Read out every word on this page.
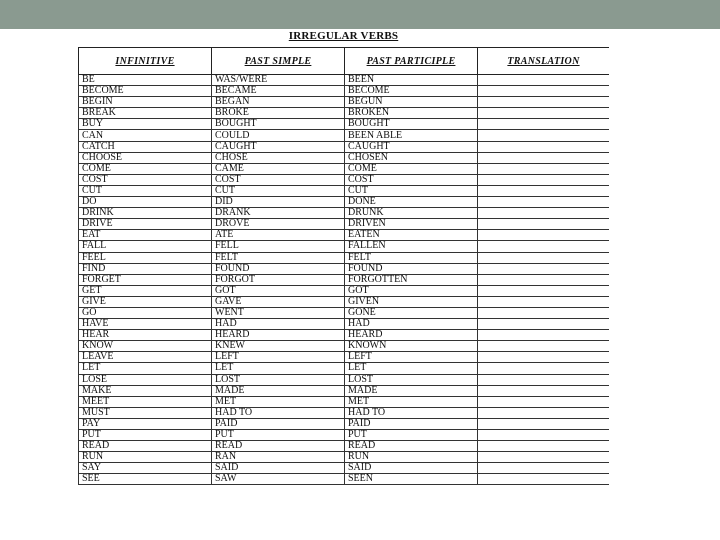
IRREGULAR VERBS
INFINITIVE	PAST SIMPLE	PAST PARTICIPLE	TRANSLATION
BE	WAS/WERE	BEEN	
BECOME	BECAME	BECOME	
BEGIN	BEGAN	BEGUN	
BREAK	BROKE	BROKEN	
BUY	BOUGHT	BOUGHT	
CAN	COULD	BEEN ABLE	
CATCH	CAUGHT	CAUGHT	
CHOOSE	CHOSE	CHOSEN	
COME	CAME	COME	
COST	COST	COST	
CUT	CUT	CUT	
DO	DID	DONE	
DRINK	DRANK	DRUNK	
DRIVE	DROVE	DRIVEN	
EAT	ATE	EATEN	
FALL	FELL	FALLEN	
FEEL	FELT	FELT	
FIND	FOUND	FOUND	
FORGET	FORGOT	FORGOTTEN	
GET	GOT	GOT	
GIVE	GAVE	GIVEN	
GO	WENT	GONE	
HAVE	HAD	HAD	
HEAR	HEARD	HEARD	
KNOW	KNEW	KNOWN	
LEAVE	LEFT	LEFT	
LET	LET	LET	
LOSE	LOST	LOST	
MAKE	MADE	MADE	
MEET	MET	MET	
MUST	HAD TO	HAD TO	
PAY	PAID	PAID	
PUT	PUT	PUT	
READ	READ	READ	
RUN	RAN	RUN	
SAY	SAID	SAID	
SEE	SAW	SEEN	
